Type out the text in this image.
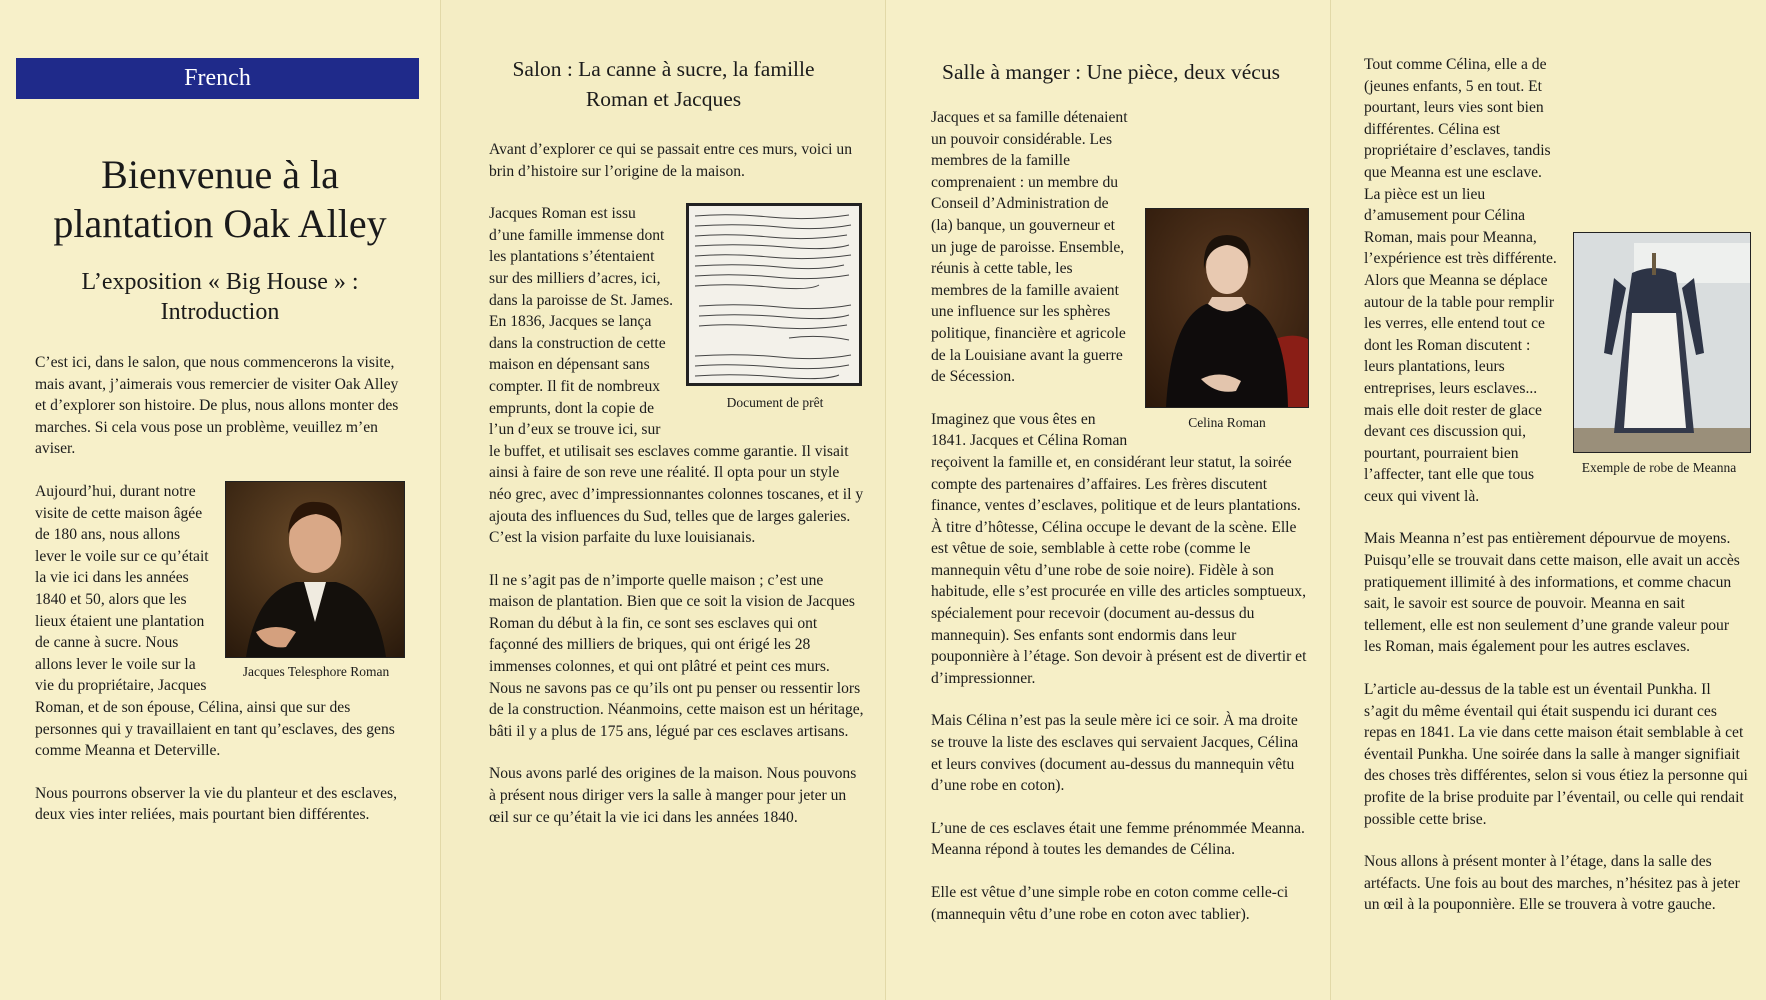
French
Bienvenue à la plantation Oak Alley
L’exposition « Big House » : Introduction

C’est ici, dans le salon, que nous commencerons la visite, mais avant, j’aimerais vous remercier de visiter Oak Alley et d’explorer son histoire. De plus, nous allons monter des marches. Si cela vous pose un problème, veuillez m’en aviser.

Jacques Telesphore Roman

Aujourd’hui, durant notre visite de cette maison âgée de 180 ans, nous allons lever le voile sur ce qu’était la vie ici dans les années 1840 et 50, alors que les lieux étaient une plantation de canne à sucre. Nous allons lever le voile sur la vie du propriétaire, Jacques Roman, et de son épouse, Célina, ainsi que sur des personnes qui y travaillaient en tant qu’esclaves, des gens comme Meanna et Deterville.

Nous pourrons observer la vie du planteur et des esclaves, deux vies inter reliées, mais pourtant bien différentes.

Salon : La canne à sucre, la famille
Roman et Jacques

Avant d’explorer ce qui se passait entre ces murs, voici un brin d’histoire sur l’origine de la maison.

Document de prêt

Jacques Roman est issu d’une famille immense dont les plantations s’étentaient sur des milliers d’acres, ici, dans la paroisse de St. James. En 1836, Jacques se lança dans la construction de cette maison en dépensant sans compter. Il fit de nombreux emprunts, dont la copie de l’un d’eux se trouve ici, sur le buffet, et utilisait ses esclaves comme garantie. Il visait ainsi à faire de son reve une réalité. Il opta pour un style néo grec, avec d’impressionnantes colonnes toscanes, et il y ajouta des influences du Sud, telles que de larges galeries. C’est la vision parfaite du luxe louisianais.

Il ne s’agit pas de n’importe quelle maison ; c’est une maison de plantation. Bien que ce soit la vision de Jacques Roman du début à la fin, ce sont ses esclaves qui ont façonné des milliers de briques, qui ont érigé les 28 immenses colonnes, et qui ont plâtré et peint ces murs. Nous ne savons pas ce qu’ils ont pu penser ou ressentir lors de la construction. Néanmoins, cette maison est un héritage, bâti il y a plus de 175 ans, légué par ces esclaves artisans.

Nous avons parlé des origines de la maison. Nous pouvons à présent nous diriger vers la salle à manger pour jeter un œil sur ce qu’était la vie ici dans les années 1840.

Salle à manger : Une pièce, deux vécus
Celina Roman

Jacques et sa famille détenaient un pouvoir considérable. Les membres de la famille comprenaient : un membre du Conseil d’Administration de (la) banque, un gouverneur et un juge de paroisse. Ensemble, réunis à cette table, les membres de la famille avaient une influence sur les sphères politique, financière et agricole de la Louisiane avant la guerre de Sécession.

Imaginez que vous êtes en 1841. Jacques et Célina Roman reçoivent la famille et, en considérant leur statut, la soirée compte des partenaires d’affaires. Les frères discutent finance, ventes d’esclaves, politique et de leurs plantations. À titre d’hôtesse, Célina occupe le devant de la scène. Elle est vêtue de soie, semblable à cette robe (comme le mannequin vêtu d’une robe de soie noire). Fidèle à son habitude, elle s’est procurée en ville des articles somptueux, spécialement pour recevoir (document au-dessus du mannequin). Ses enfants sont endormis dans leur pouponnière à l’étage. Son devoir à présent est de divertir et d’impressionner.

Mais Célina n’est pas la seule mère ici ce soir. À ma droite se trouve la liste des esclaves qui servaient Jacques, Célina et leurs convives (document au-dessus du mannequin vêtu d’une robe en coton).

L’une de ces esclaves était une femme prénommée Meanna. Meanna répond à toutes les demandes de Célina.

Elle est vêtue d’une simple robe en coton comme celle-ci (mannequin vêtu d’une robe en coton avec tablier).

Exemple de robe de Meanna

Tout comme Célina, elle a de (jeunes enfants, 5 en tout. Et pourtant, leurs vies sont bien différentes. Célina est propriétaire d’esclaves, tandis que Meanna est une esclave. La pièce est un lieu d’amusement pour Célina Roman, mais pour Meanna, l’expérience est très différente. Alors que Meanna se déplace autour de la table pour remplir les verres, elle entend tout ce dont les Roman discutent : leurs plantations, leurs entreprises, leurs esclaves... mais elle doit rester de glace devant ces discussion qui, pourtant, pourraient bien l’affecter, tant elle que tous ceux qui vivent là.

Mais Meanna n’est pas entièrement dépourvue de moyens. Puisqu’elle se trouvait dans cette maison, elle avait un accès pratiquement illimité à des informations, et comme chacun sait, le savoir est source de pouvoir. Meanna en sait tellement, elle est non seulement d’une grande valeur pour les Roman, mais également pour les autres esclaves.

L’article au-dessus de la table est un éventail Punkha. Il s’agit du même éventail qui était suspendu ici durant ces repas en 1841. La vie dans cette maison était semblable à cet éventail Punkha. Une soirée dans la salle à manger signifiait des choses très différentes, selon si vous étiez la personne qui profite de la brise produite par l’éventail, ou celle qui rendait possible cette brise.

Nous allons à présent monter à l’étage, dans la salle des artéfacts. Une fois au bout des marches, n’hésitez pas à jeter un œil à la pouponnière. Elle se trouvera à votre gauche.
